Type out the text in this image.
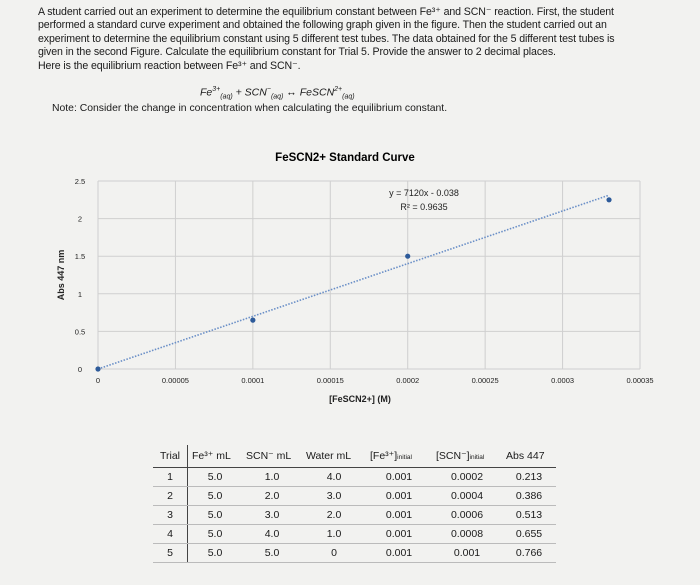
A student carried out an experiment to determine the equilibrium constant between Fe³⁺ and SCN⁻ reaction. First, the student

performed a standard curve experiment and obtained the following graph given in the figure. Then the student carried out an

experiment to determine the equilibrium constant using 5 different test tubes. The data obtained for the 5 different test tubes is

given in the second Figure. Calculate the equilibrium constant for Trial 5. Provide the answer to 2 decimal places.

Here is the equilibrium reaction between Fe³⁺ and SCN⁻.

$Fe^{3+}_{(aq)} + SCN^-_{(aq)}$ ↔ FeSCN$^{2+}_{(aq)}$
Note: Consider the change in concentration when calculating the equilibrium constant.
FeSCN2+ Standard Curve
0	0.00005	0.0001	0.00015	0.0002	0.00025	0.0003	0.00035
0
0.5
1
1.5
2
2.5
[FeSCN2+] (M)
Abs 447 nm
y = 7120x - 0.038
R² = 0.9635
Trial	Fe³⁺ mL	SCN⁻ mL	Water mL	[Fe³⁺]initial	[SCN⁻]initial	Abs 447
1	5.0	1.0	4.0	0.001	0.0002	0.213
2	5.0	2.0	3.0	0.001	0.0004	0.386
3	5.0	3.0	2.0	0.001	0.0006	0.513
4	5.0	4.0	1.0	0.001	0.0008	0.655
5	5.0	5.0	0	0.001	0.001	0.766
